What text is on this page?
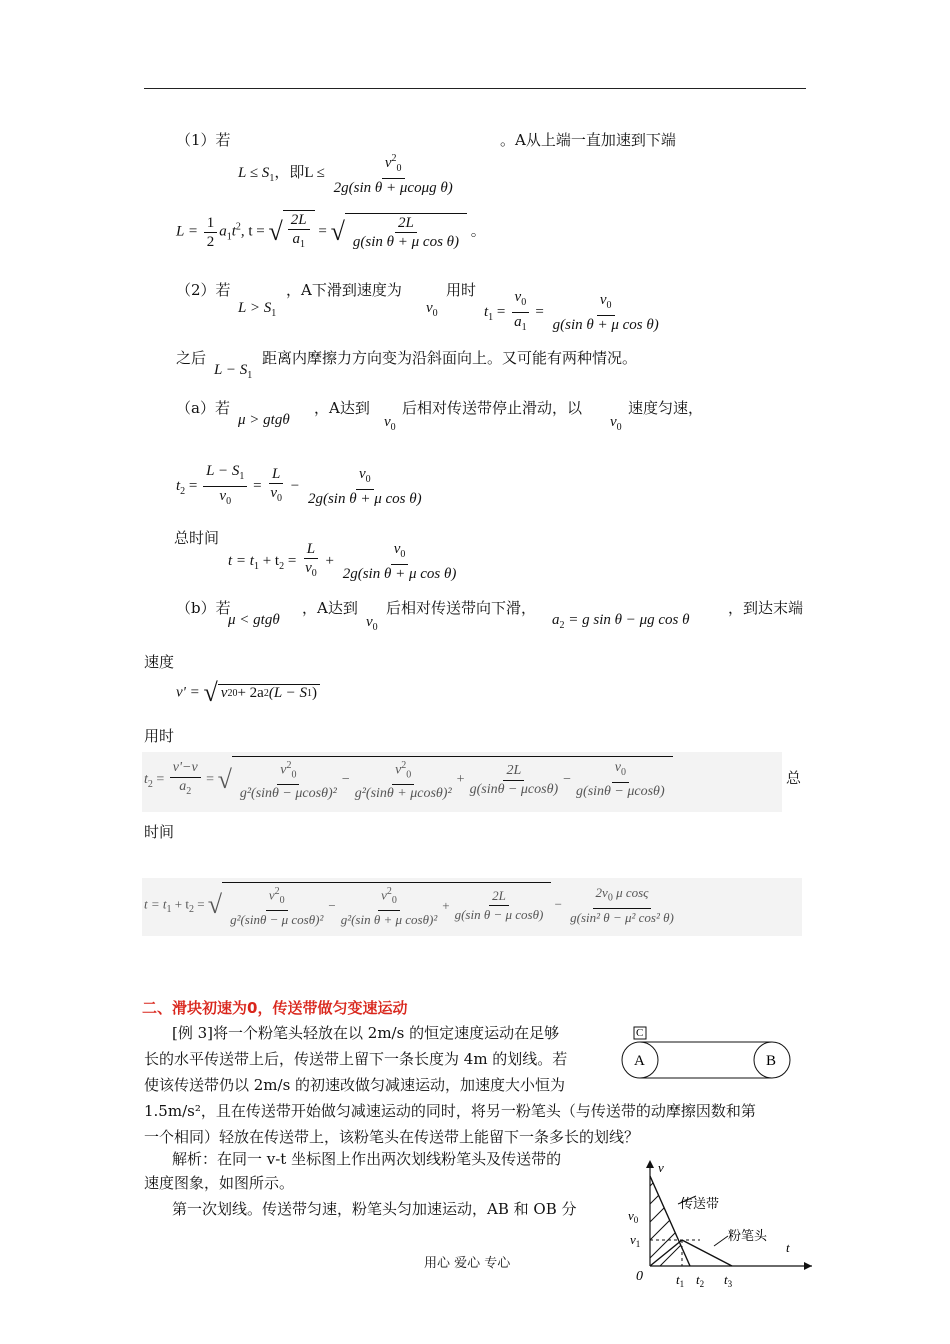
（1）若
$L \le S_1$，即$L \le \frac{v^2_0}{\text{2g(sin θ + μcoμg θ)}}$
。A从上端一直加速到下端
$L = \frac{1}{2} a_1t^2$, t = √ $\frac{2L}{a_1}$ = √ $\frac{2L}{\text{g(sin θ + μ cos θ)}}$ 。
（2）若
$L > S_1$
，A下滑到速度为
$v_0$
用时
$t_1 = \frac{v_0}{a_1} = \frac{v_0}{\text{g(sin θ + μ cos θ)}}$
之后
$L - S_1$
距离内摩擦力方向变为沿斜面向上。又可能有两种情况。
（a）若
μ > gtgθ
，A达到
$v_0$
后相对传送带停止滑动，以
$v_0$
速度匀速，
$t_2 = \frac{L - S_1}{v_0} = \frac{L}{v_0} - \frac{v_0}{\text{2g(sin θ + μ cos θ)}}$
总时间
$t = t_1 + t_2 = \frac{L}{v_0} + \frac{v_0}{\text{2g(sin θ + μ cos θ)}}$
（b）若
μ < gtgθ
，A达到
$v_0$
后相对传送带向下滑，
$a_2 = g$ sin θ − μg cos θ
，到达末端
速度
v' = √ v 2 0 + 2a 2 (L − S 1 )
用时
$t_2 = \frac{v'-v}{a_2}$ = √ $\frac{v^2_0}{\text{g²(sinθ − μcosθ)²}} - \frac{v^2_0}{\text{g²(sinθ + μcosθ)²}} + \frac{2L}{g(\sin\theta - \mu\cos\theta)} - \frac{v_0}{g(\sin\theta - \mu\cos\theta)}$	总
时间
$t = t_1 + t_2$ = √ $\frac{v^2_0}{\text{g²(sinθ − μ cosθ)²}} - \frac{v^2_0}{\text{g²(sin θ + μ cosθ)²}} + \frac{2L}{\text{g(sin θ − μ cosθ)}} - \frac{2v_0 \mu \cos\varsigma}{\text{g(sin² θ − μ² cos² θ)}}$
二、滑块初速为0，传送带做匀变速运动
[例 3]将一个粉笔头轻放在以 2m/s 的恒定速度运动在足够
长的水平传送带上后，传送带上留下一条长度为 4m 的划线。若
使该传送带仍以 2m/s 的初速改做匀减速运动，加速度大小恒为
1.5m/s²，且在传送带开始做匀减速运动的同时，将另一粉笔头（与传送带的动摩擦因数和第
一个相同）轻放在传送带上，该粉笔头在传送带上能留下一条多长的划线？
解析：在同一 v-t 坐标图上作出两次划线粉笔头及传送带的
速度图象，如图所示。
第一次划线。传送带匀速，粉笔头匀加速运动，AB 和 OB 分
C
A	B
v
t
$v_0$
$v_1$
0	$t_1$ $t_2$ $t_3$
传送带
粉笔头
用心 爱心 专心
